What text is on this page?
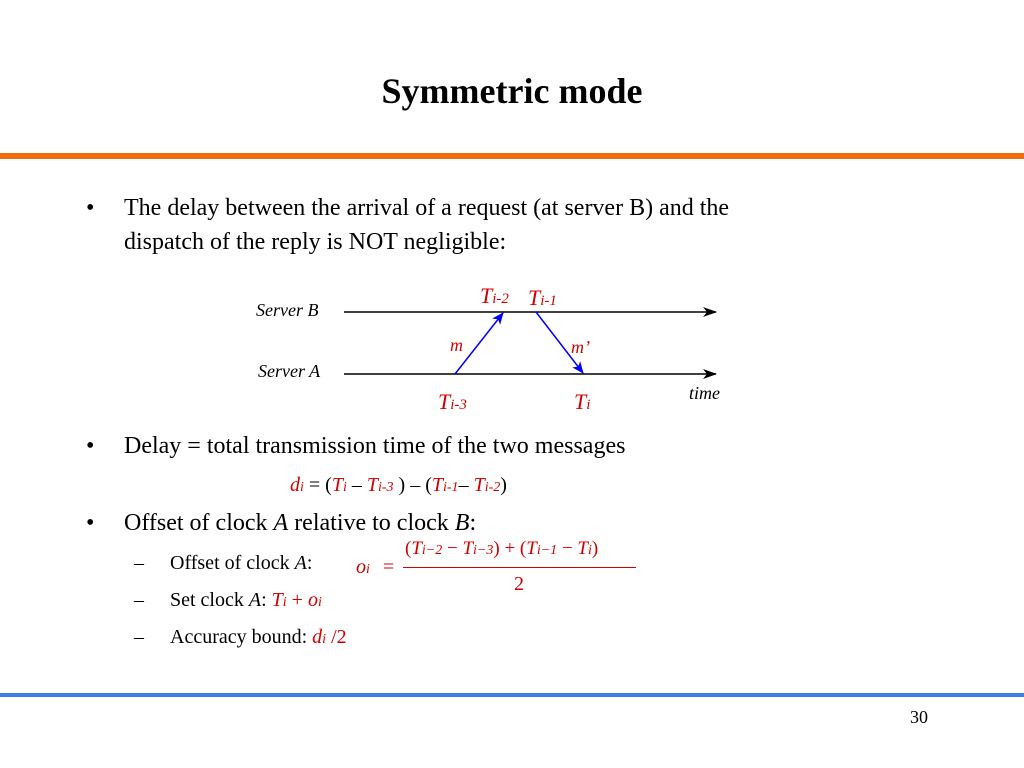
Symmetric mode
• The delay between the arrival of a request (at server B) and the
dispatch of the reply is NOT negligible:
Server B
Server A
time
m	m’
Ti-2 Ti-1
Ti-3	Ti
• Delay = total transmission time of the two messages
di = (Ti – Ti-3 ) – (Ti-1– Ti-2)
• Offset of clock A relative to clock B:
– Offset of clock A: oi =
(Ti−2 − Ti−3) + (Ti−1 − Ti)
2
– Set clock A: Ti + oi
– Accuracy bound: di /2
30
